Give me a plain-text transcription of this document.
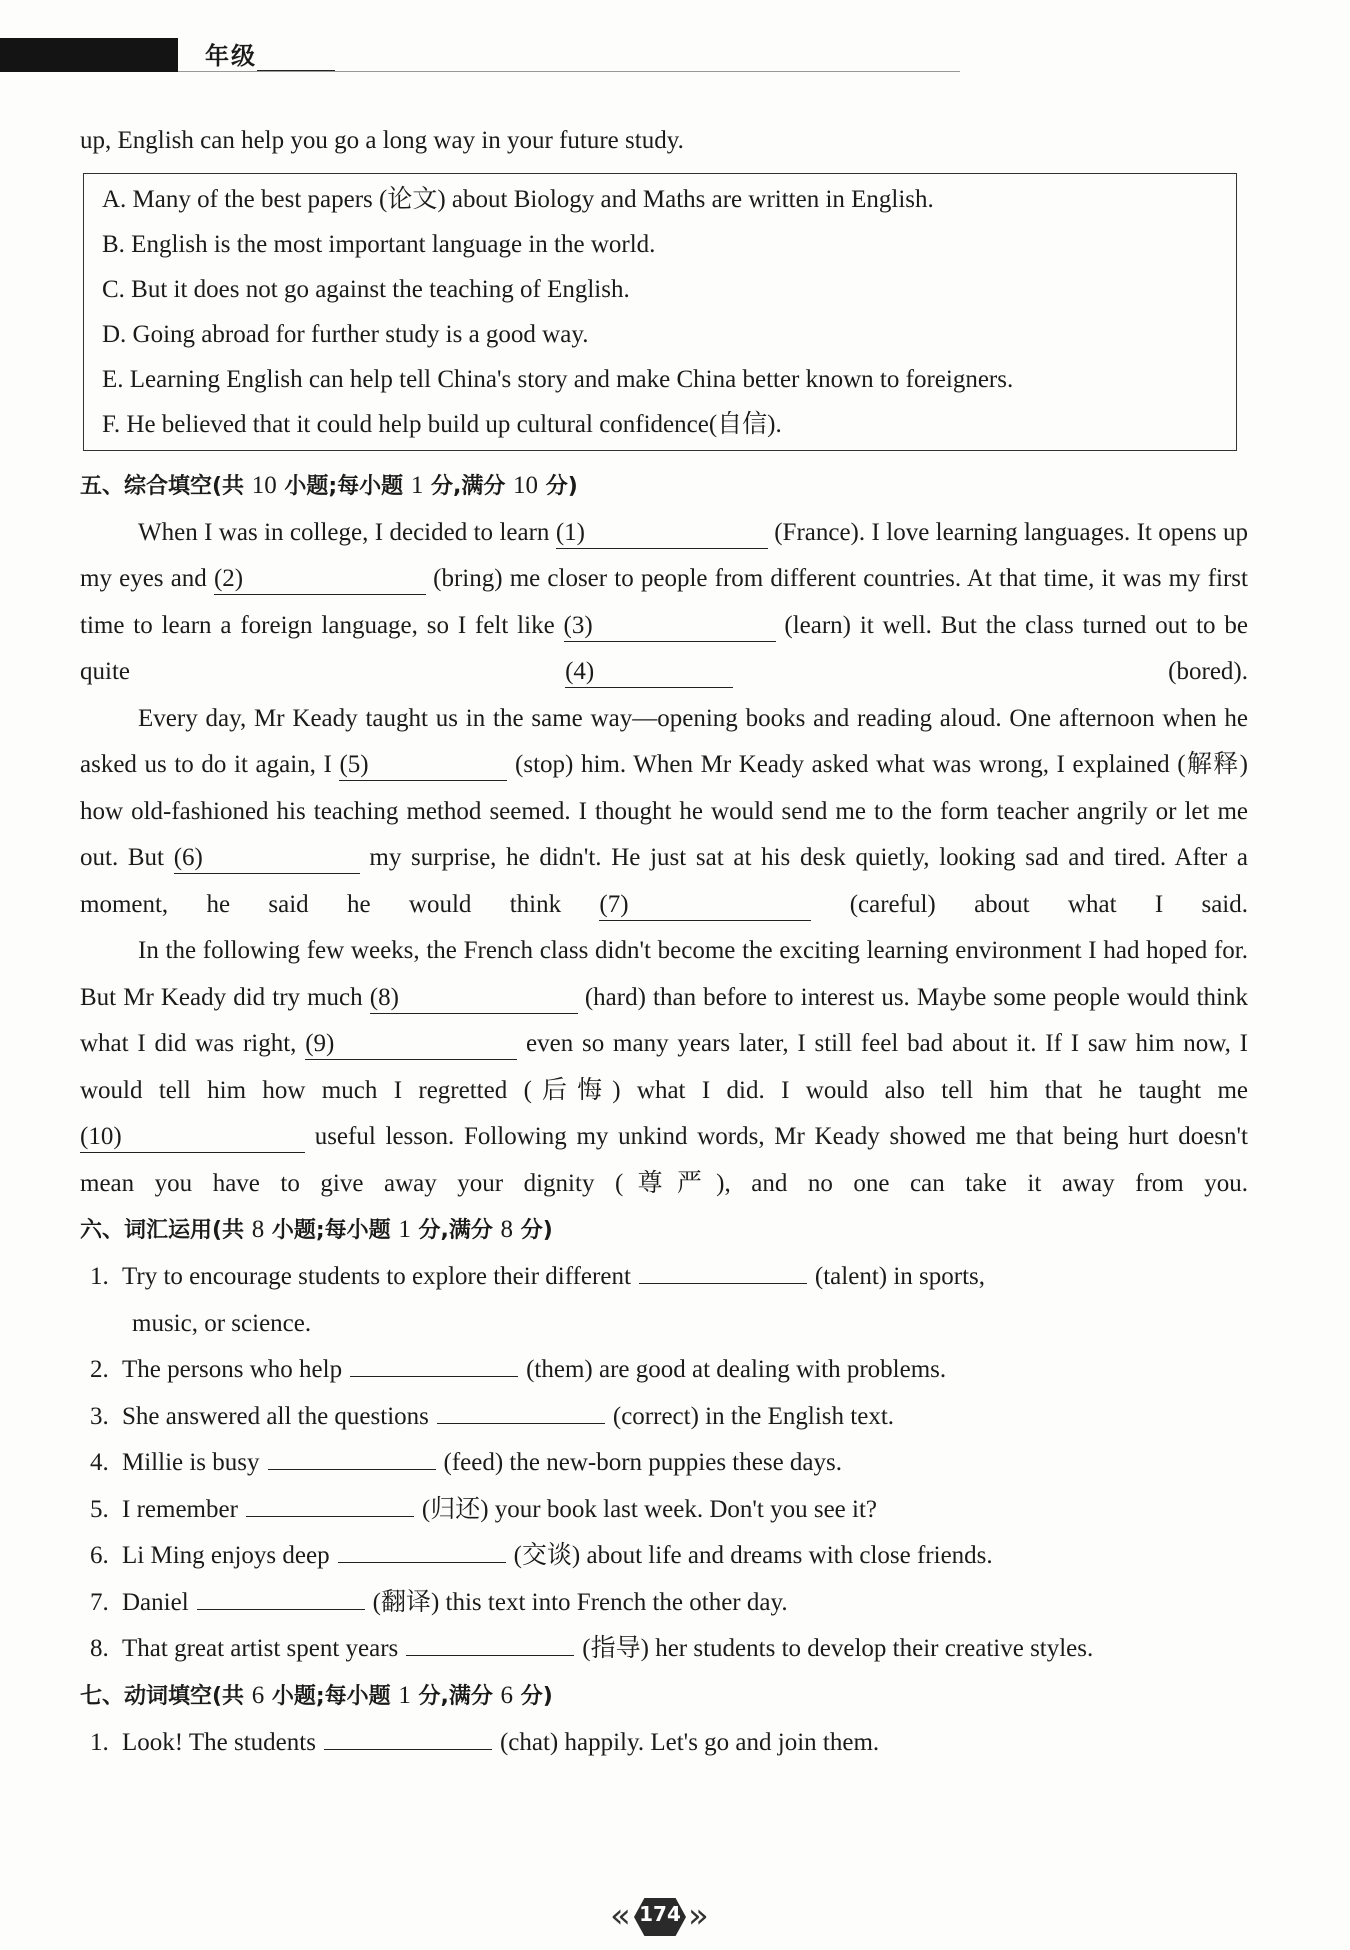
年级

up, English can help you go a long way in your future study.

A. Many of the best papers (论文) about Biology and Maths are written in English.

B. English is the most important language in the world.

C. But it does not go against the teaching of English.

D. Going abroad for further study is a good way.

E. Learning English can help tell China's story and make China better known to foreigners.

F. He believed that it could help build up cultural confidence(自信).

五、综合填空(共 10 小题;每小题 1 分,满分 10 分)

When I was in college, I decided to learn (1)	(France). I love learning languages. It opens up my eyes and (2)	(bring) me closer to people from different countries. At that time, it was my first time to learn a foreign language, so I felt like (3)	(learn) it well. But the class turned out to be quite (4)	(bored).

Every day, Mr Keady taught us in the same way—opening books and reading aloud. One afternoon when he asked us to do it again, I (5)	(stop) him. When Mr Keady asked what was wrong, I explained (解释) how old-fashioned his teaching method seemed. I thought he would send me to the form teacher angrily or let me out. But (6)	my surprise, he didn't. He just sat at his desk quietly, looking sad and tired. After a moment, he said he would think (7)	(careful) about what I said.

In the following few weeks, the French class didn't become the exciting learning environment I had hoped for. But Mr Keady did try much (8)	(hard) than before to interest us. Maybe some people would think what I did was right, (9)	even so many years later, I still feel bad about it. If I saw him now, I would tell him how much I regretted (后悔) what I did. I would also tell him that he taught me (10)	useful lesson. Following my unkind words, Mr Keady showed me that being hurt doesn't mean you have to give away your dignity (尊严), and no one can take it away from you.

六、词汇运用(共 8 小题;每小题 1 分,满分 8 分)

1. Try to encourage students to explore their different	(talent) in sports,

music, or science.

2. The persons who help	(them) are good at dealing with problems.

3. She answered all the questions	(correct) in the English text.

4. Millie is busy	(feed) the new-born puppies these days.

5. I remember	(归还) your book last week. Don't you see it?

6. Li Ming enjoys deep	(交谈) about life and dreams with close friends.

7. Daniel	(翻译) this text into French the other day.

8. That great artist spent years	(指导) her students to develop their creative styles.

七、动词填空(共 6 小题;每小题 1 分,满分 6 分)

1. Look! The students	(chat) happily. Let's go and join them.

« 174 »
